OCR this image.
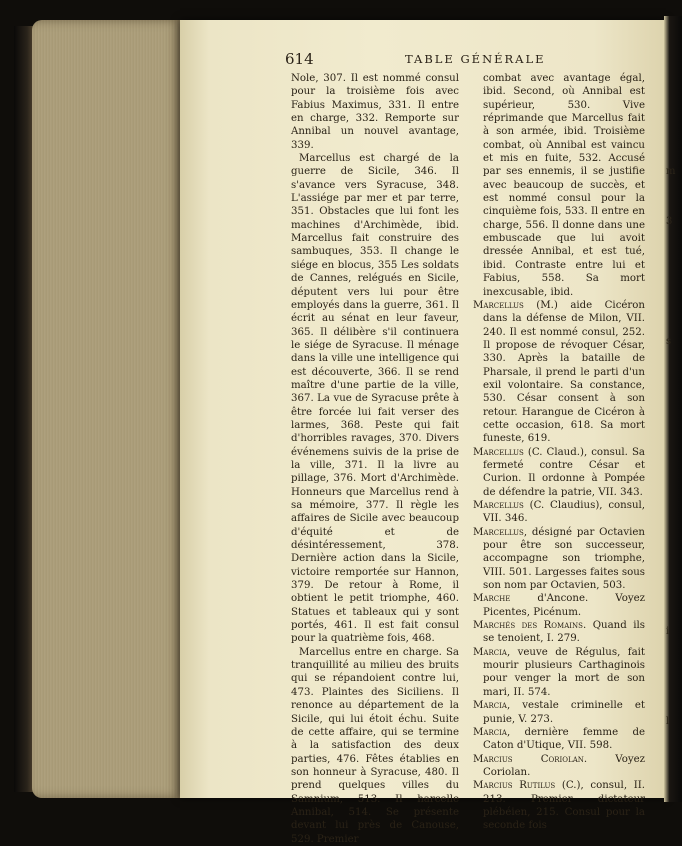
m
3
s
i
l
614	TABLE GÉNÉRALE

Nole, 307. Il est nommé consul pour la troisième fois avec Fabius Maximus, 331. Il entre en charge, 332. Remporte sur Annibal un nouvel avantage, 339.

Marcellus est chargé de la guerre de Sicile, 346. Il s'avance vers Syracuse, 348. L'assiége par mer et par terre, 351. Obstacles que lui font les machines d'Archimède, ibid. Marcellus fait construire des sambuques, 353. Il change le siége en blocus, 355 Les soldats de Cannes, relégués en Sicile, députent vers lui pour être employés dans la guerre, 361. Il écrit au sénat en leur faveur, 365. Il délibère s'il continuera le siége de Syracuse. Il ménage dans la ville une intelligence qui est découverte, 366. Il se rend maître d'une partie de la ville, 367. La vue de Syracuse prête à être forcée lui fait verser des larmes, 368. Peste qui fait d'horribles ravages, 370. Divers événemens suivis de la prise de la ville, 371. Il la livre au pillage, 376. Mort d'Archimède. Honneurs que Marcellus rend à sa mémoire, 377. Il règle les affaires de Sicile avec beaucoup d'équité et de désintéressement, 378. Dernière action dans la Sicile, victoire remportée sur Hannon, 379. De retour à Rome, il obtient le petit triomphe, 460. Statues et tableaux qui y sont portés, 461. Il est fait consul pour la quatrième fois, 468.

Marcellus entre en charge. Sa tranquillité au milieu des bruits qui se répandoient contre lui, 473. Plaintes des Siciliens. Il renonce au département de la Sicile, qui lui étoit échu. Suite de cette affaire, qui se termine à la satisfaction des deux parties, 476. Fêtes établies en son honneur à Syracuse, 480. Il prend quelques villes du Samnium, 513. Il harcelle Annibal, 514. Se présente devant lui près de Canouse, 529. Premier

combat avec avantage égal, ibid. Second, où Annibal est supérieur, 530. Vive réprimande que Marcellus fait à son armée, ibid. Troisième combat, où Annibal est vaincu et mis en fuite, 532. Accusé par ses ennemis, il se justifie avec beaucoup de succès, et est nommé consul pour la cinquième fois, 533. Il entre en charge, 556. Il donne dans une embuscade que lui avoit dressée Annibal, et est tué, ibid. Contraste entre lui et Fabius, 558. Sa mort inexcusable, ibid.

Marcellus (M.) aide Cicéron dans la défense de Milon, VII. 240. Il est nommé consul, 252. Il propose de révoquer César, 330. Après la bataille de Pharsale, il prend le parti d'un exil volontaire. Sa constance, 530. César consent à son retour. Harangue de Cicéron à cette occasion, 618. Sa mort funeste, 619.

Marcellus (C. Claud.), consul. Sa fermeté contre César et Curion. Il ordonne à Pompée de défendre la patrie, VII. 343.

Marcellus (C. Claudius), consul, VII. 346.

Marcellus, désigné par Octavien pour être son successeur, accompagne son triomphe, VIII. 501. Largesses faites sous son nom par Octavien, 503.

Marche d'Ancone. Voyez Picentes, Picénum.

Marchés des Romains. Quand ils se tenoient, I. 279.

Marcia, veuve de Régulus, fait mourir plusieurs Carthaginois pour venger la mort de son mari, II. 574.

Marcia, vestale criminelle et punie, V. 273.

Marcia, dernière femme de Caton d'Utique, VII. 598.

Marcius Coriolan. Voyez Coriolan.

Marcius Rutilus (C.), consul, II. 213. Premier dictateur plébéien, 215. Consul pour la seconde fois
